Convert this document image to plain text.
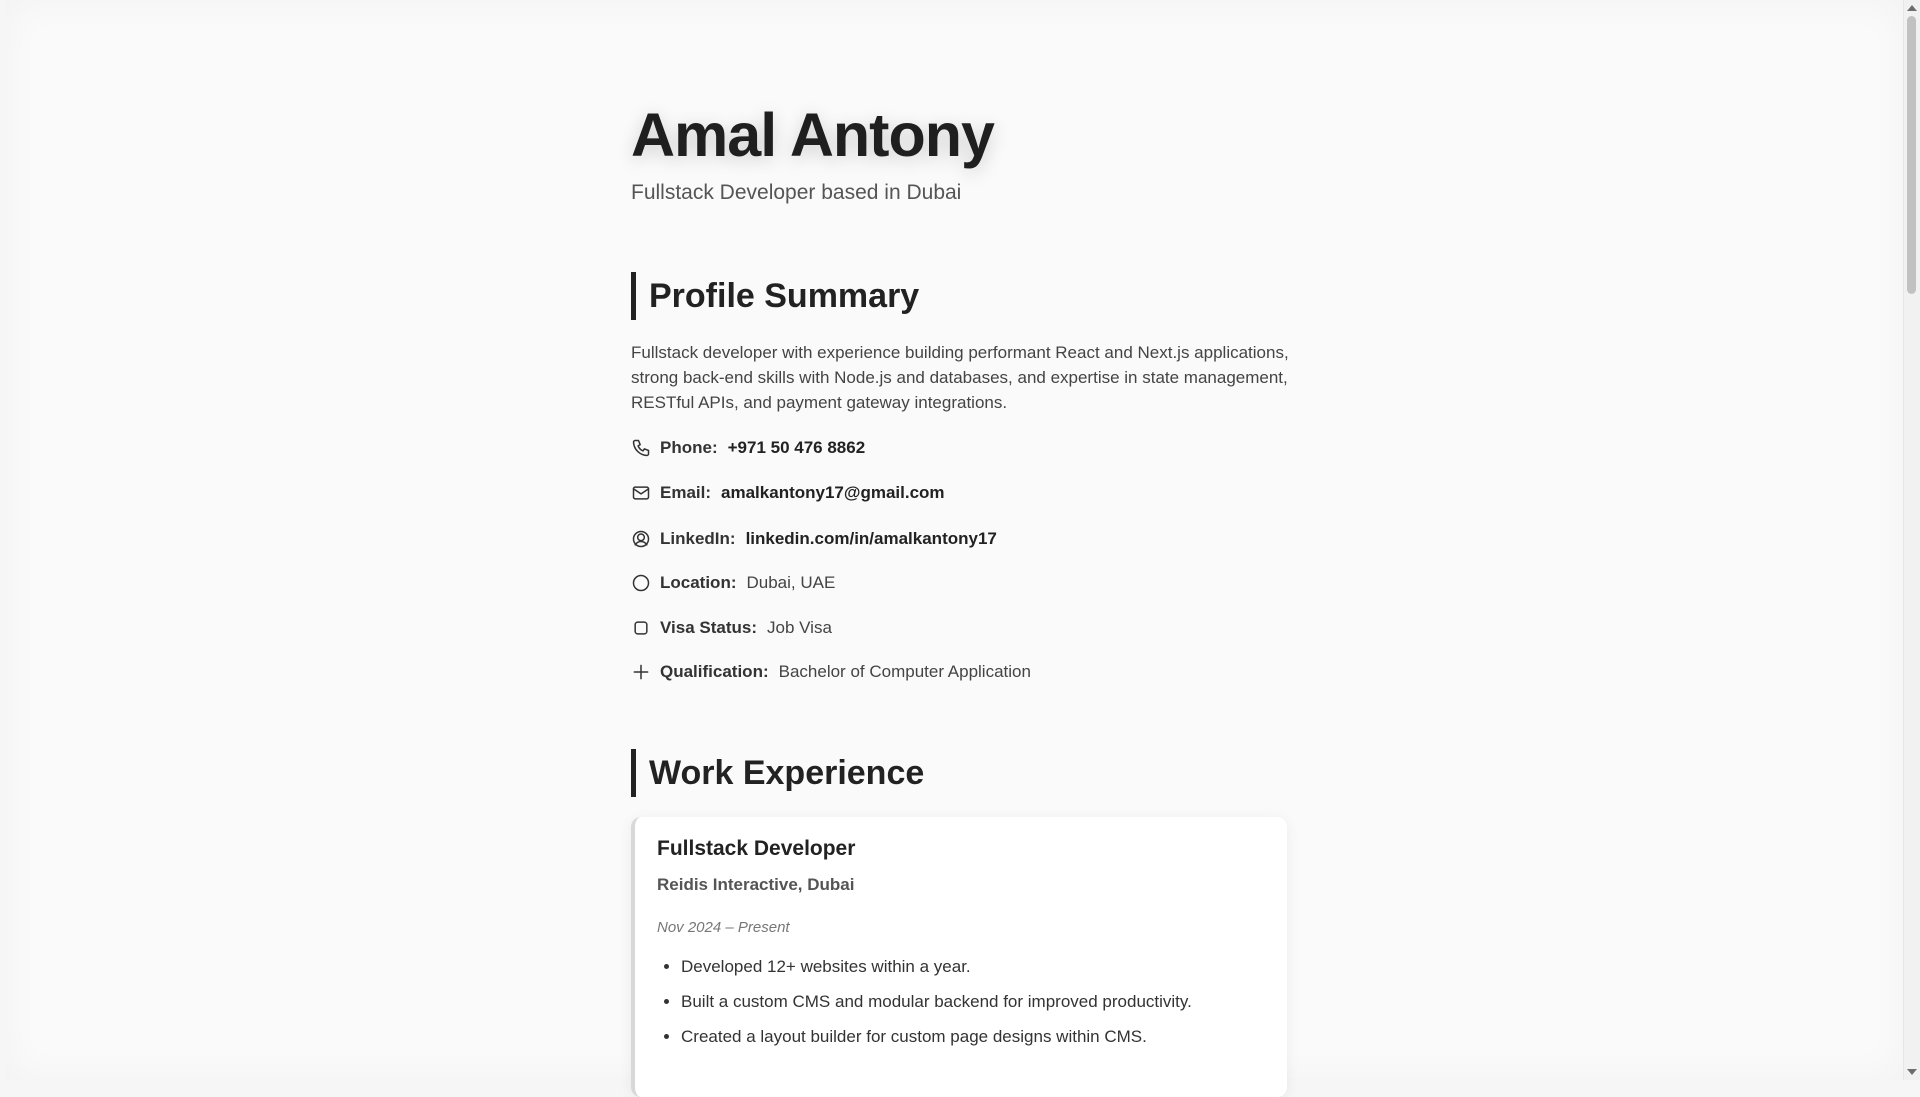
Amal Antony
Fullstack Developer based in Dubai
Profile Summary

Fullstack developer with experience building performant React and Next.js applications, strong back-end skills with Node.js and databases, and expertise in state management, RESTful APIs, and payment gateway integrations.

Phone: +971 50 476 8862
Email: amalkantony17@gmail.com
LinkedIn: linkedin.com/in/amalkantony17
Location: Dubai, UAE
Visa Status: Job Visa
Qualification: Bachelor of Computer Application
Work Experience
Fullstack Developer
Reidis Interactive, Dubai
Nov 2024 – Present
• Developed 12+ websites within a year.
• Built a custom CMS and modular backend for improved productivity.
• Created a layout builder for custom page designs within CMS.
